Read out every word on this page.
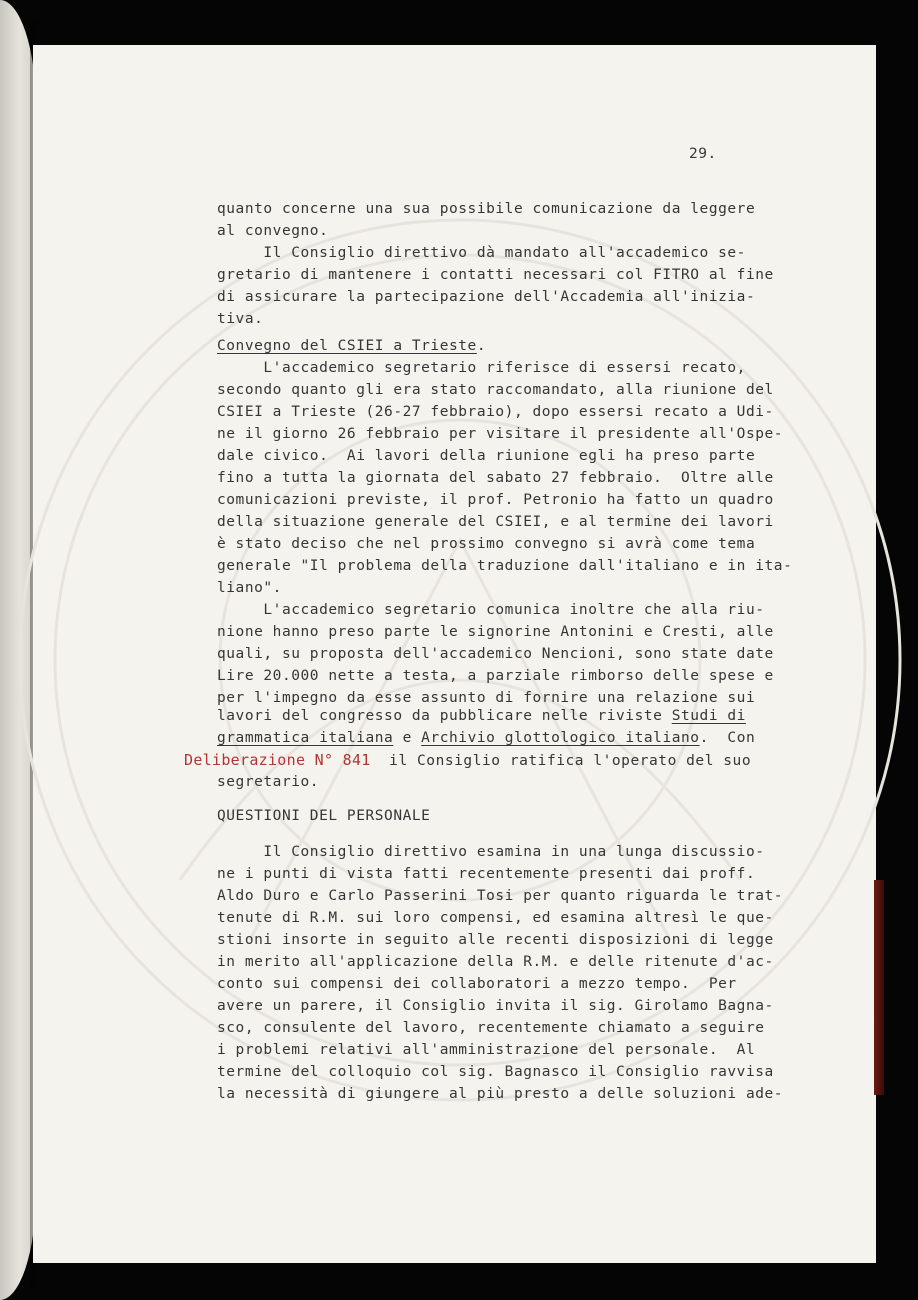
29.
quanto concerne una sua possibile comunicazione da leggere
al convegno.
Il Consiglio direttivo dà mandato all'accademico se-
gretario di mantenere i contatti necessari col FITRO al fine
di assicurare la partecipazione dell'Accademia all'inizia-
tiva.
L'accademico segretario riferisce di essersi recato,
secondo quanto gli era stato raccomandato, alla riunione del
CSIEI a Trieste (26-27 febbraio), dopo essersi recato a Udi-
ne il giorno 26 febbraio per visitare il presidente all'Ospe-
dale civico.  Ai lavori della riunione egli ha preso parte
fino a tutta la giornata del sabato 27 febbraio.  Oltre alle
comunicazioni previste, il prof. Petronio ha fatto un quadro
della situazione generale del CSIEI, e al termine dei lavori
è stato deciso che nel prossimo convegno si avrà come tema
generale "Il problema della traduzione dall'italiano e in ita-
liano".
L'accademico segretario comunica inoltre che alla riu-
nione hanno preso parte le signorine Antonini e Cresti, alle
quali, su proposta dell'accademico Nencioni, sono state date
Lire 20.000 nette a testa, a parziale rimborso delle spese e
per l'impegno da esse assunto di fornire una relazione sui
segretario.
QUESTIONI DEL PERSONALE
Il Consiglio direttivo esamina in una lunga discussio-
ne i punti di vista fatti recentemente presenti dai proff.
Aldo Duro e Carlo Passerini Tosi per quanto riguarda le trat-
tenute di R.M. sui loro compensi, ed esamina altresì le que-
stioni insorte in seguito alle recenti disposizioni di legge
in merito all'applicazione della R.M. e delle ritenute d'ac-
conto sui compensi dei collaboratori a mezzo tempo.  Per
avere un parere, il Consiglio invita il sig. Girolamo Bagna-
sco, consulente del lavoro, recentemente chiamato a seguire
i problemi relativi all'amministrazione del personale.  Al
termine del colloquio col sig. Bagnasco il Consiglio ravvisa
la necessità di giungere al più presto a delle soluzioni ade-
Convegno del CSIEI a Trieste.
lavori del congresso da pubblicare nelle riviste Studi di
grammatica italiana e Archivio glottologico italiano.  Con
Deliberazione N° 841  il Consiglio ratifica l'operato del suo
